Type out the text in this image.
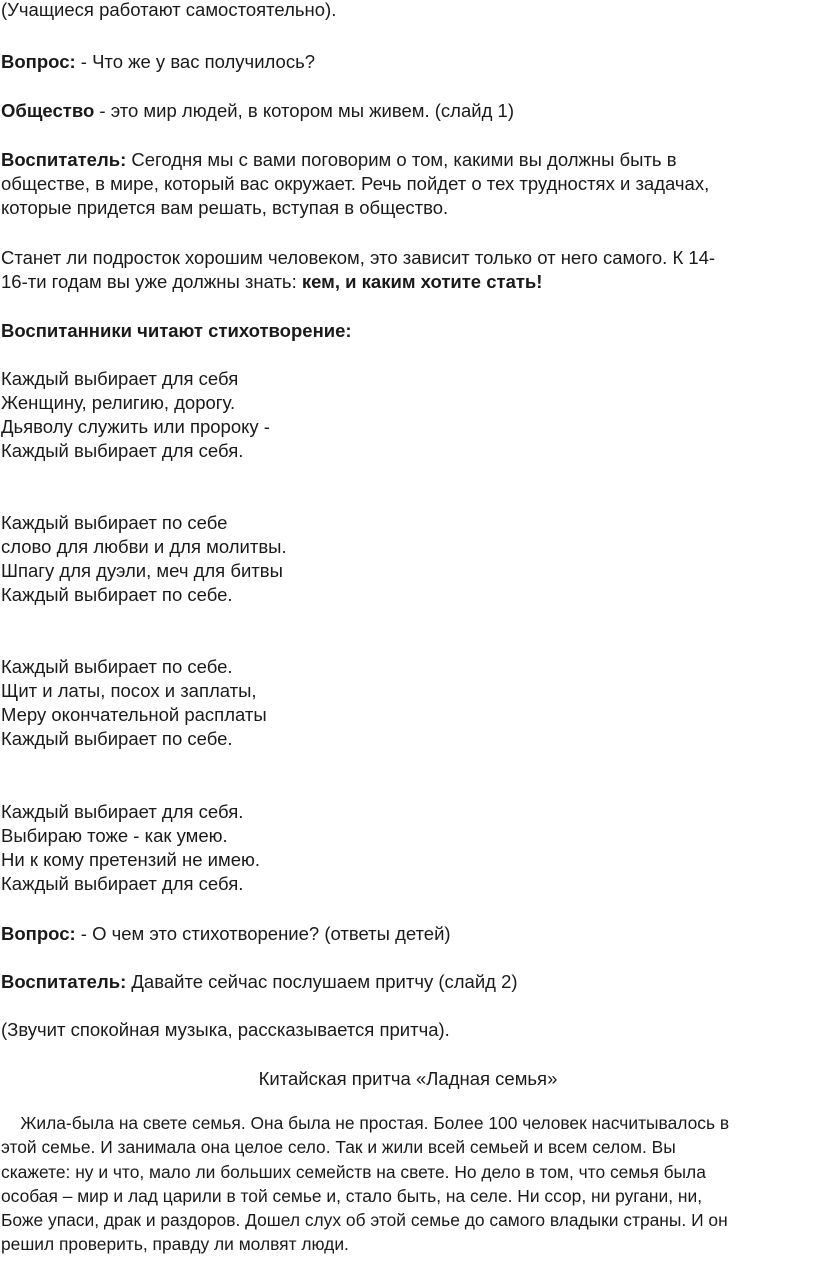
(Учащиеся работают самостоятельно).

Вопрос: - Что же у вас получилось?

Общество - это мир людей, в котором мы живем. (слайд 1)

Воспитатель: Сегодня мы с вами поговорим о том, какими вы должны быть в
обществе, в мире, который вас окружает. Речь пойдет о тех трудностях и задачах,
которые придется вам решать, вступая в общество.
Станет ли подросток хорошим человеком, это зависит только от него самого. К 14-
16-ти годам вы уже должны знать: кем, и каким хотите стать!

Воспитанники читают стихотворение:

Каждый выбирает для себя
Женщину, религию, дорогу.
Дьяволу служить или пророку -
Каждый выбирает для себя.
Каждый выбирает по себе
слово для любви и для молитвы.
Шпагу для дуэли, меч для битвы
Каждый выбирает по себе.
Каждый выбирает по себе.
Щит и латы, посох и заплаты,
Меру окончательной расплаты
Каждый выбирает по себе.
Каждый выбирает для себя.
Выбираю тоже - как умею.
Ни к кому претензий не имею.
Каждый выбирает для себя.

Вопрос: - О чем это стихотворение? (ответы детей)

Воспитатель: Давайте сейчас послушаем притчу (слайд 2)

(Звучит спокойная музыка, рассказывается притча).

Китайская притча «Ладная семья»

Жила-была на свете семья. Она была не простая. Более 100 человек насчитывалось в
этой семье. И занимала она целое село. Так и жили всей семьей и всем селом. Вы
скажете: ну и что, мало ли больших семейств на свете. Но дело в том, что семья была
особая – мир и лад царили в той семье и, стало быть, на селе. Ни ссор, ни ругани, ни,
Боже упаси, драк и раздоров. Дошел слух об этой семье до самого владыки страны. И он
решил проверить, правду ли молвят люди.
